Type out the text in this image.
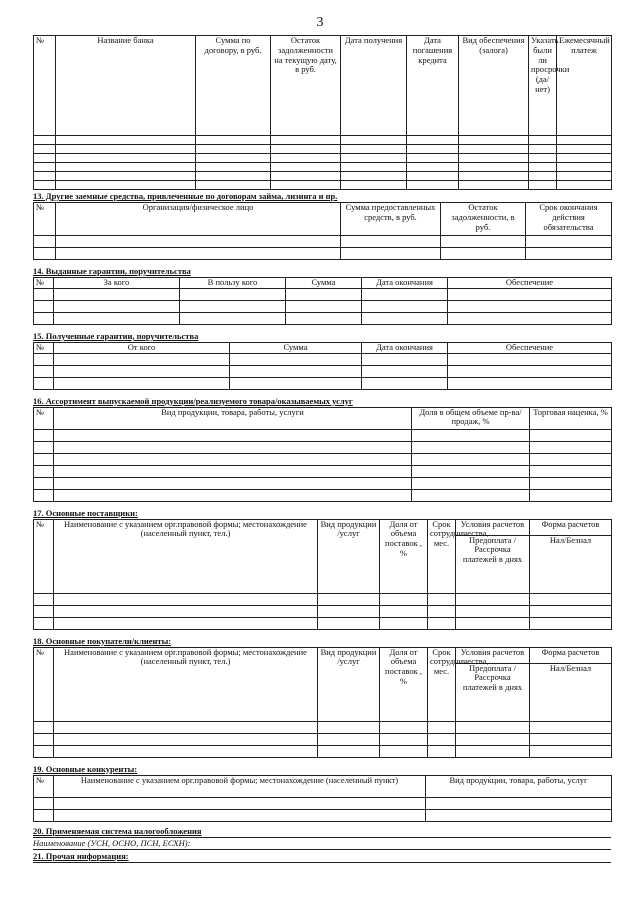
3
№	Название банка	Сумма по договору, в руб.	Остаток задолженности на текущую дату, в руб.	Дата получения	Дата погашения кредита	Вид обеспечения (залога)	Указать были ли просрочки (да/нет)	Ежемесячный платеж

13. Другие заемные средства, привлеченные по договорам займа, лизинга и пр.
№	Организация/физическое лицо	Сумма предоставленных средств, в руб.	Остаток задолженности, в руб.	Срок окончания действия обязательства

14. Выданные гарантии, поручительства
№	За кого	В пользу кого	Сумма	Дата окончания	Обеспечение

15. Полученные гарантии, поручительства
№	От кого	Сумма	Дата окончания	Обеспечение

16. Ассортимент выпускаемой продукции/реализуемого товара/оказываемых услуг
№	Вид продукции, товара, работы, услуги	Доля в общем объеме пр-ва/продаж, %	Торговая наценка, %

17. Основные поставщики:
№	Наименование с указанием орг.правовой формы; местонахождение (населенный пункт, тел.)	Вид продукции /услуг	Доля от объема поставок , %	Срок сотрудничества, мес.	Условия расчетов	Форма расчетов
					Предоплата / Рассрочка платежей в днях	Нал/Безнал

18. Основные покупатели/клиенты:
№	Наименование с указанием орг.правовой формы; местонахождение (населенный пункт, тел.)	Вид продукции /услуг	Доля от объема поставок , %	Срок сотрудничества, мес.	Условия расчетов	Форма расчетов
					Предоплата / Рассрочка платежей в днях	Нал/Безнал

19. Основные конкуренты:
№	Наименование с указанием орг.правовой формы; местонахождение (населенный пункт)	Вид продукции, товара, работы, услуг

20. Применяемая система налогообложения
Наименование (УСН, ОСНО, ПСН, ЕСХН):
21. Прочая информация:
